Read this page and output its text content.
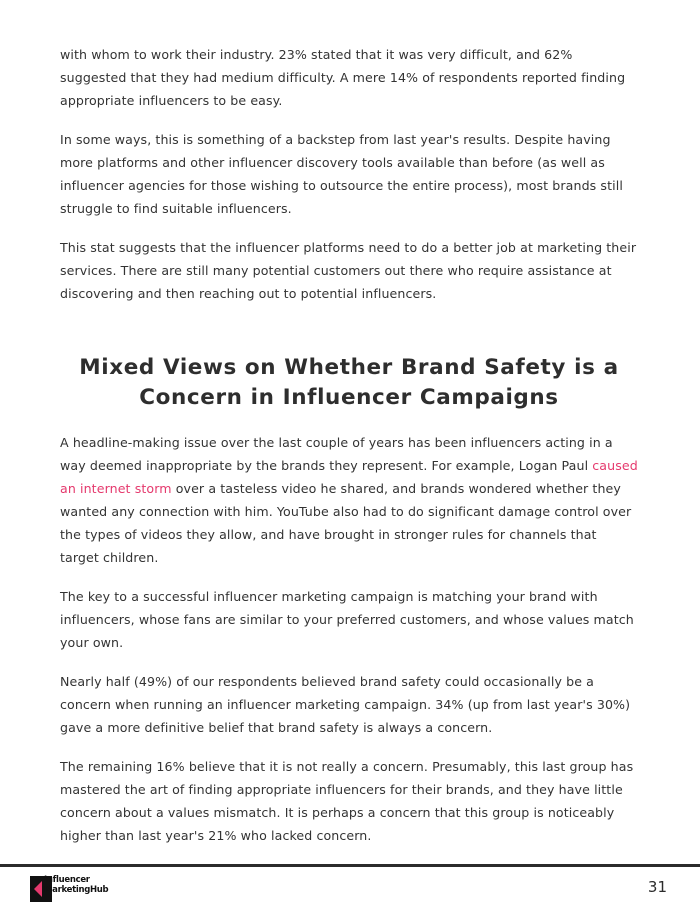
with whom to work their industry. 23% stated that it was very difficult, and 62% suggested that they had medium difficulty. A mere 14% of respondents reported finding appropriate influencers to be easy.

In some ways, this is something of a backstep from last year's results. Despite having more platforms and other influencer discovery tools available than before (as well as influencer agencies for those wishing to outsource the entire process), most brands still struggle to find suitable influencers.

This stat suggests that the influencer platforms need to do a better job at marketing their services. There are still many potential customers out there who require assistance at discovering and then reaching out to potential influencers.

Mixed Views on Whether Brand Safety is a Concern in Influencer Campaigns

A headline-making issue over the last couple of years has been influencers acting in a way deemed inappropriate by the brands they represent. For example, Logan Paul caused an internet storm over a tasteless video he shared, and brands wondered whether they wanted any connection with him. YouTube also had to do significant damage control over the types of videos they allow, and have brought in stronger rules for channels that target children.

The key to a successful influencer marketing campaign is matching your brand with influencers, whose fans are similar to your preferred customers, and whose values match your own.

Nearly half (49%) of our respondents believed brand safety could occasionally be a concern when running an influencer marketing campaign. 34% (up from last year's 30%) gave a more definitive belief that brand safety is always a concern.

The remaining 16% believe that it is not really a concern. Presumably, this last group has mastered the art of finding appropriate influencers for their brands, and they have little concern about a values mismatch. It is perhaps a concern that this group is noticeably higher than last year's 21% who lacked concern.

Influencer
MarketingHub	31
